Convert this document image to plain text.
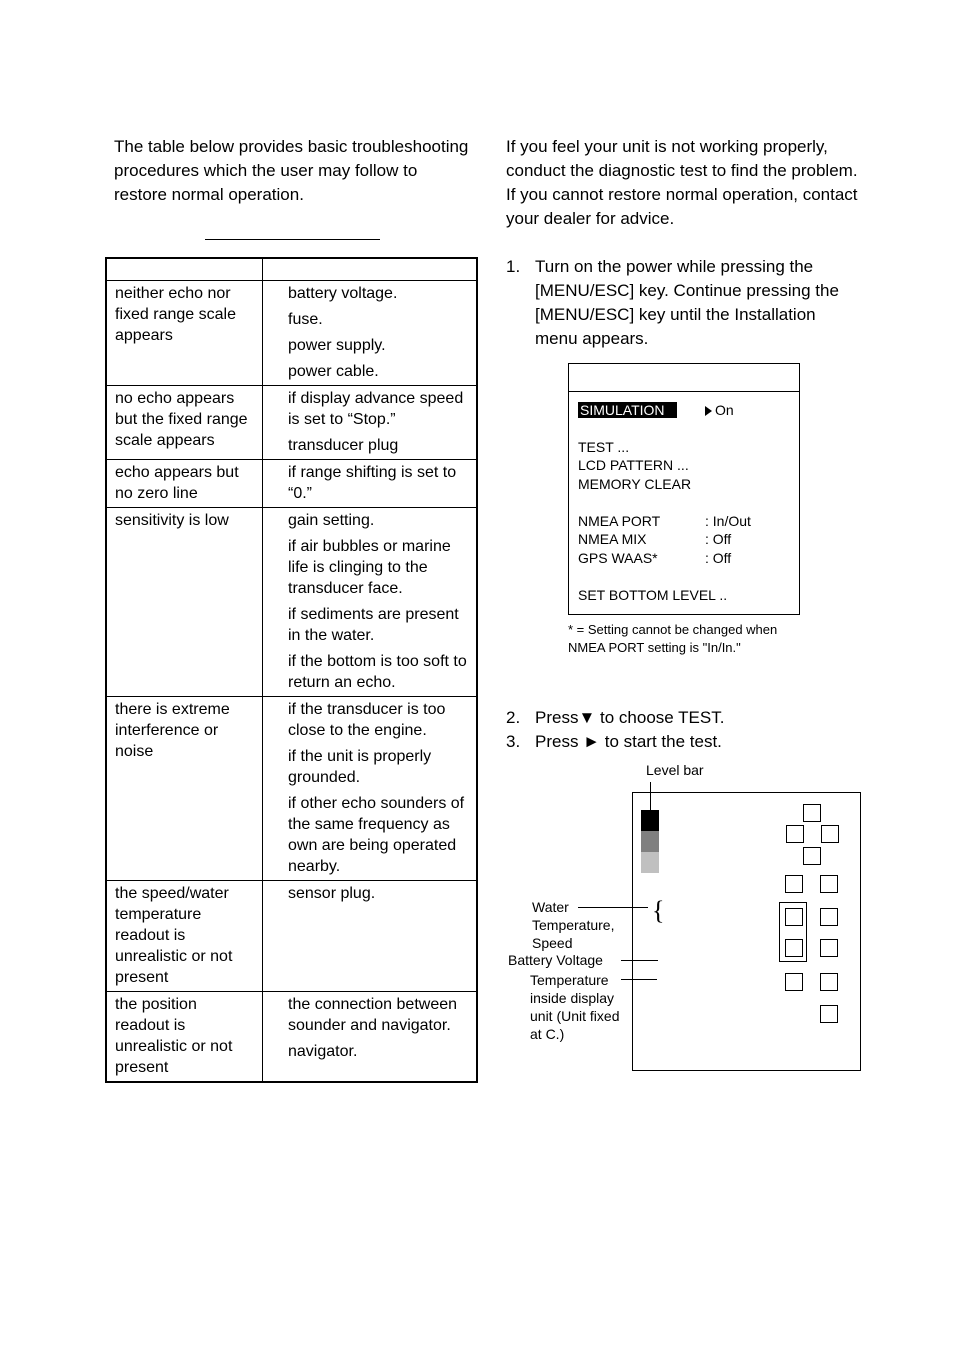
The table below provides basic troubleshooting procedures which the user may follow to restore normal operation.

neither echo nor fixed range scale appears	battery voltage.
fuse.
power supply.
power cable.

no echo appears but the fixed range scale appears	if display advance speed is set to “Stop.”
transducer plug

echo appears but no zero line	if range shifting is set to “0.”

sensitivity is low	gain setting.
if air bubbles or marine life is clinging to the transducer face.
if sediments are present in the water.
if the bottom is too soft to return an echo.

there is extreme interference or noise	if the transducer is too close to the engine.
if the unit is properly grounded.
if other echo sounders of the same frequency as own are being operated nearby.

the speed/water temperature readout is unrealistic or not present	sensor plug.

the position readout is unrealistic or not present	the connection between sounder and navigator.
navigator.
If you feel your unit is not working properly, conduct the diagnostic test to find the problem. If you cannot restore normal operation, contact your dealer for advice.
1. Turn on the power while pressing the [MENU/ESC] key. Continue pressing the [MENU/ESC] key until the Installation menu appears.
SIMULATION	On
TEST ...
LCD PATTERN ...
MEMORY CLEAR
NMEA PORT	: In/Out
NMEA MIX	: Off
GPS WAAS*	: Off
SET BOTTOM LEVEL ..
* = Setting cannot be changed when NMEA PORT setting is "In/In."
2. Press▼ to choose TEST.
3. Press ► to start the test.
Level bar
{
Water Temperature, Speed
Battery Voltage
Temperature inside display unit (Unit fixed at C.)
